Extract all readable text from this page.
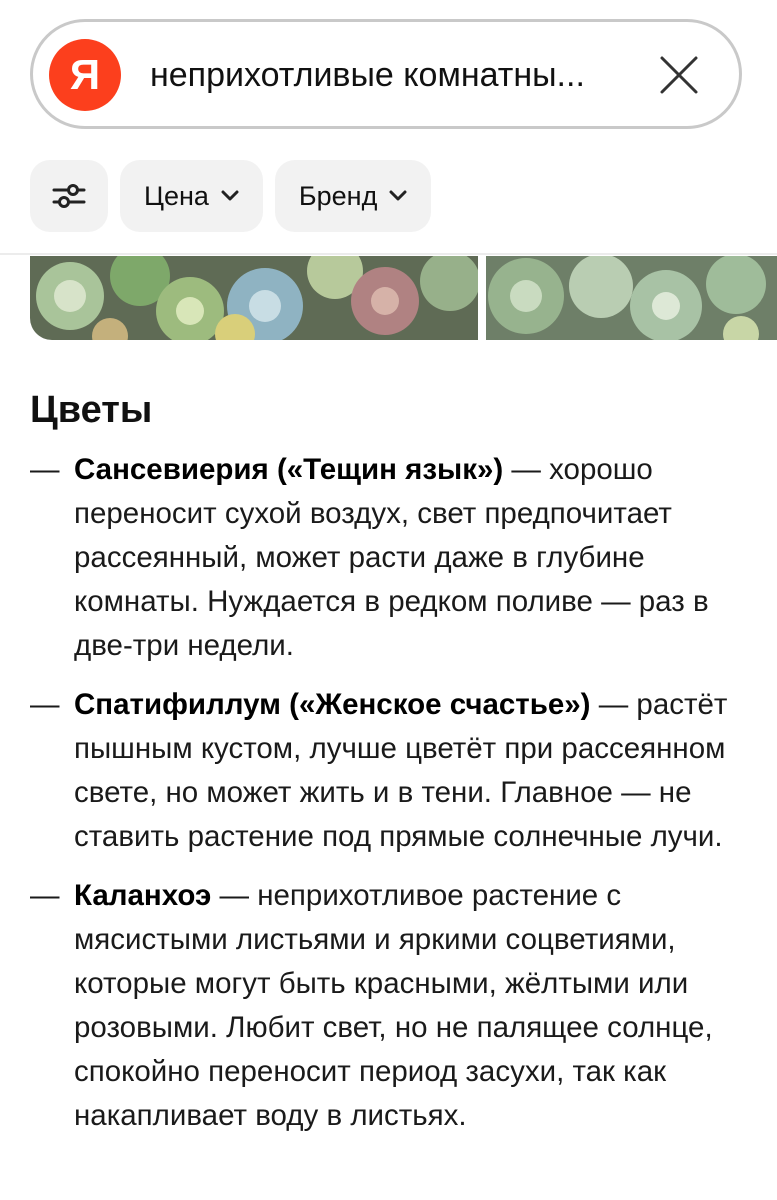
Я	неприхотливые комнатны...
Цена	Бренд
Цветы
— Сансевиерия («Тещин язык») — хорошо переносит сухой воздух, свет предпочитает рассеянный, может расти даже в глубине комнаты. Нуждается в редком поливе — раз в две-три недели.
— Спатифиллум («Женское счастье») — растёт пышным кустом, лучше цветёт при рассеянном свете, но может жить и в тени. Главное — не ставить растение под прямые солнечные лучи.
— Каланхоэ — неприхотливое растение с мясистыми листьями и яркими соцветиями, которые могут быть красными, жёлтыми или розовыми. Любит свет, но не палящее солнце, спокойно переносит период засухи, так как накапливает воду в листьях.
